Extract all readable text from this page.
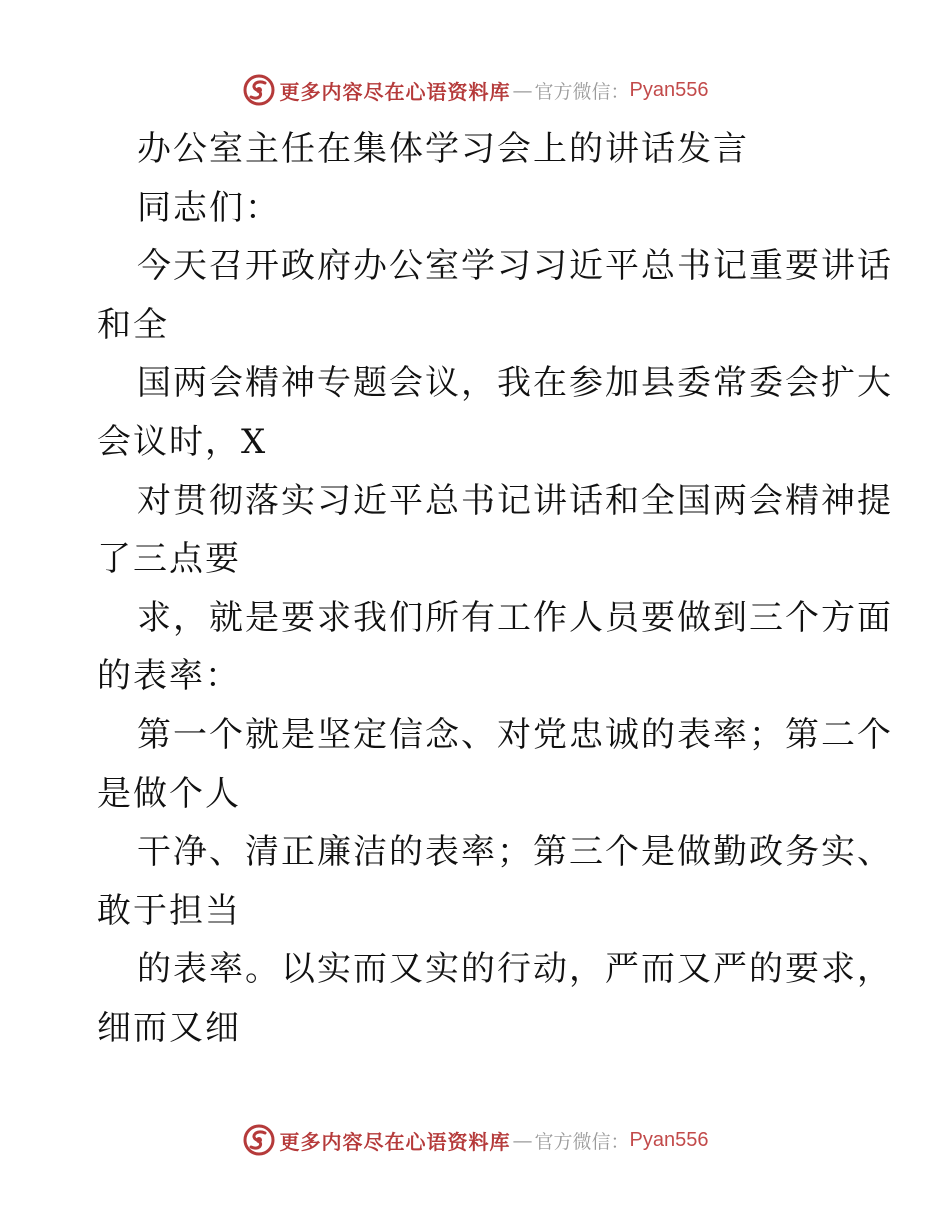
更多内容尽在心语资料库 — 官方微信： Pyan556
办公室主任在集体学习会上的讲话发言
同志们：
今天召开政府办公室学习习近平总书记重要讲话
和全
国两会精神专题会议，我在参加县委常委会扩大
会议时，X
对贯彻落实习近平总书记讲话和全国两会精神提
了三点要
求，就是要求我们所有工作人员要做到三个方面
的表率：
第一个就是坚定信念、对党忠诚的表率；第二个
是做个人
干净、清正廉洁的表率；第三个是做勤政务实、
敢于担当
的表率。以实而又实的行动，严而又严的要求，
细而又细
更多内容尽在心语资料库 — 官方微信： Pyan556
